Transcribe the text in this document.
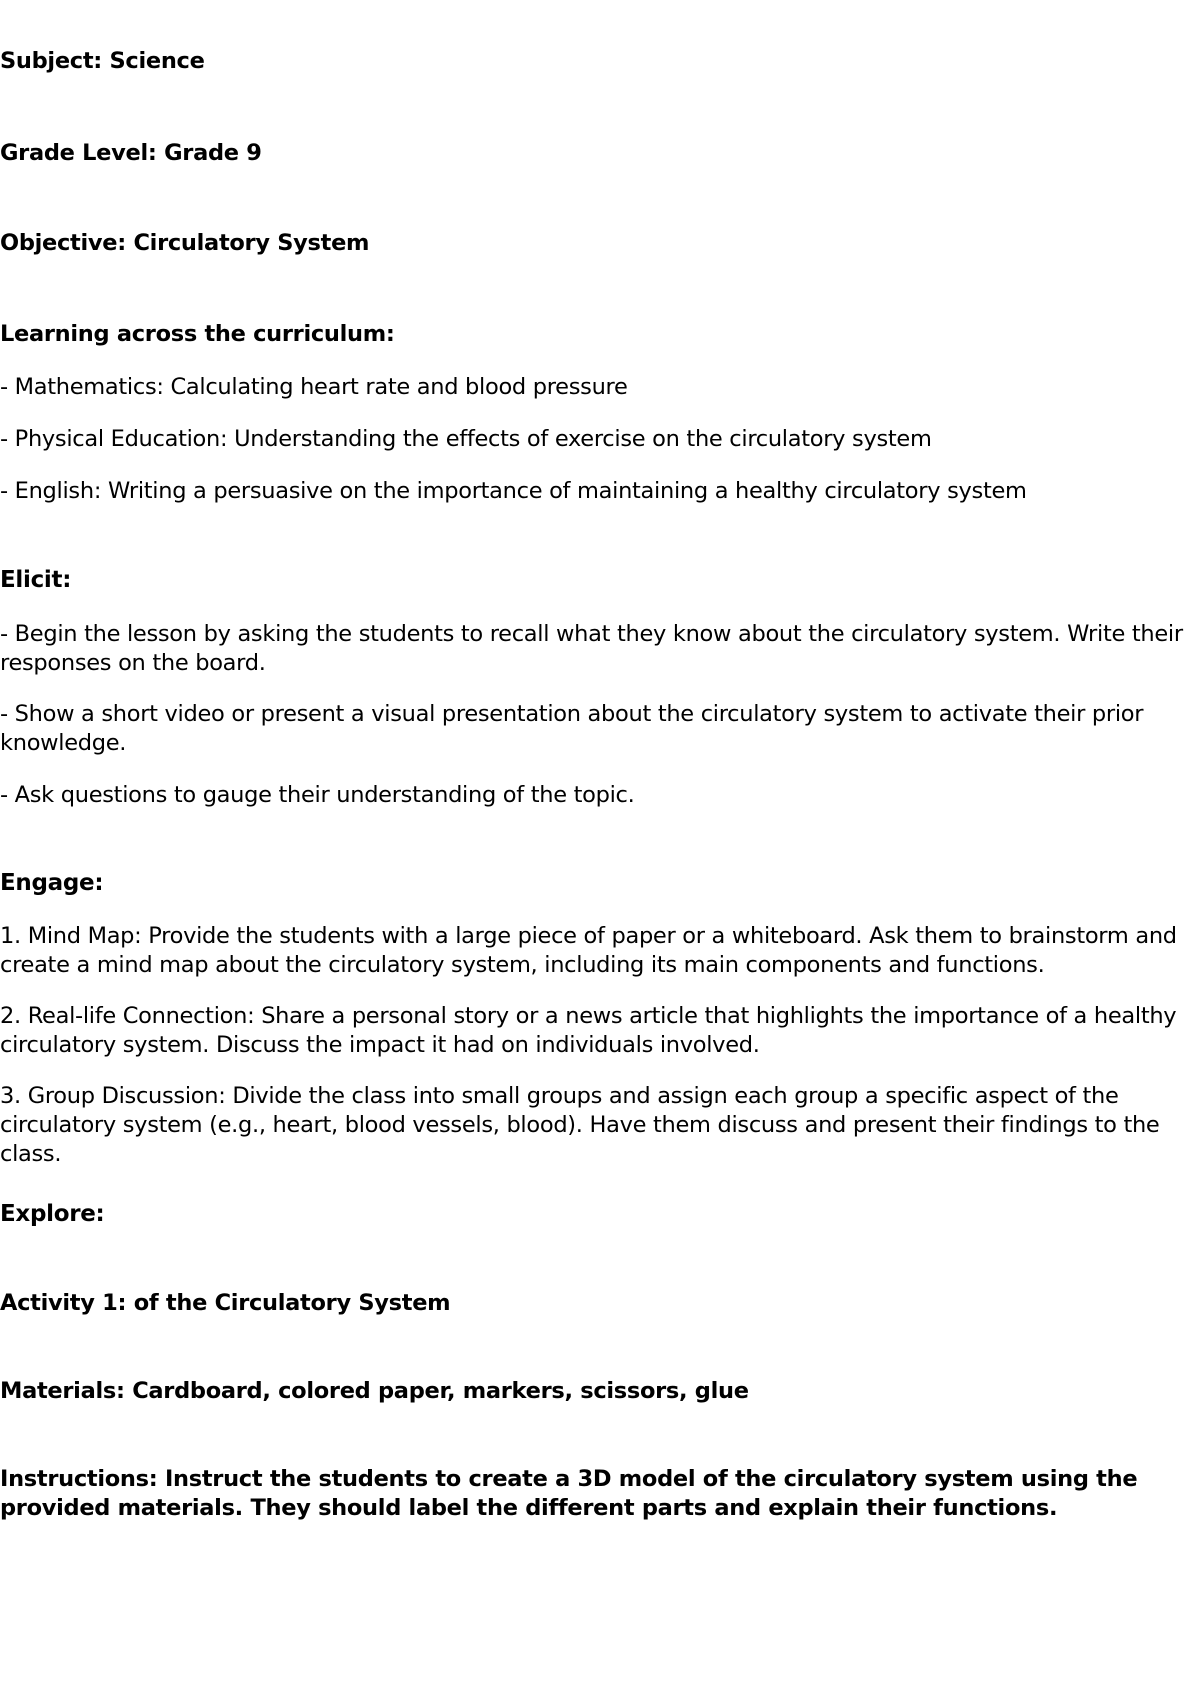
Subject: Science

Grade Level: Grade 9

Objective: Circulatory System

Learning across the curriculum:

- Mathematics: Calculating heart rate and blood pressure

- Physical Education: Understanding the effects of exercise on the circulatory system

- English: Writing a persuasive on the importance of maintaining a healthy circulatory system

Elicit:

- Begin the lesson by asking the students to recall what they know about the circulatory system. Write their responses on the board.

- Show a short video or present a visual presentation about the circulatory system to activate their prior knowledge.

- Ask questions to gauge their understanding of the topic.

Engage:

1. Mind Map: Provide the students with a large piece of paper or a whiteboard. Ask them to brainstorm and create a mind map about the circulatory system, including its main components and functions.

2. Real-life Connection: Share a personal story or a news article that highlights the importance of a healthy circulatory system. Discuss the impact it had on individuals involved.

3. Group Discussion: Divide the class into small groups and assign each group a specific aspect of the circulatory system (e.g., heart, blood vessels, blood). Have them discuss and present their findings to the class.

Explore:

Activity 1: of the Circulatory System

Materials: Cardboard, colored paper, markers, scissors, glue

Instructions: Instruct the students to create a 3D model of the circulatory system using the provided materials. They should label the different parts and explain their functions.
